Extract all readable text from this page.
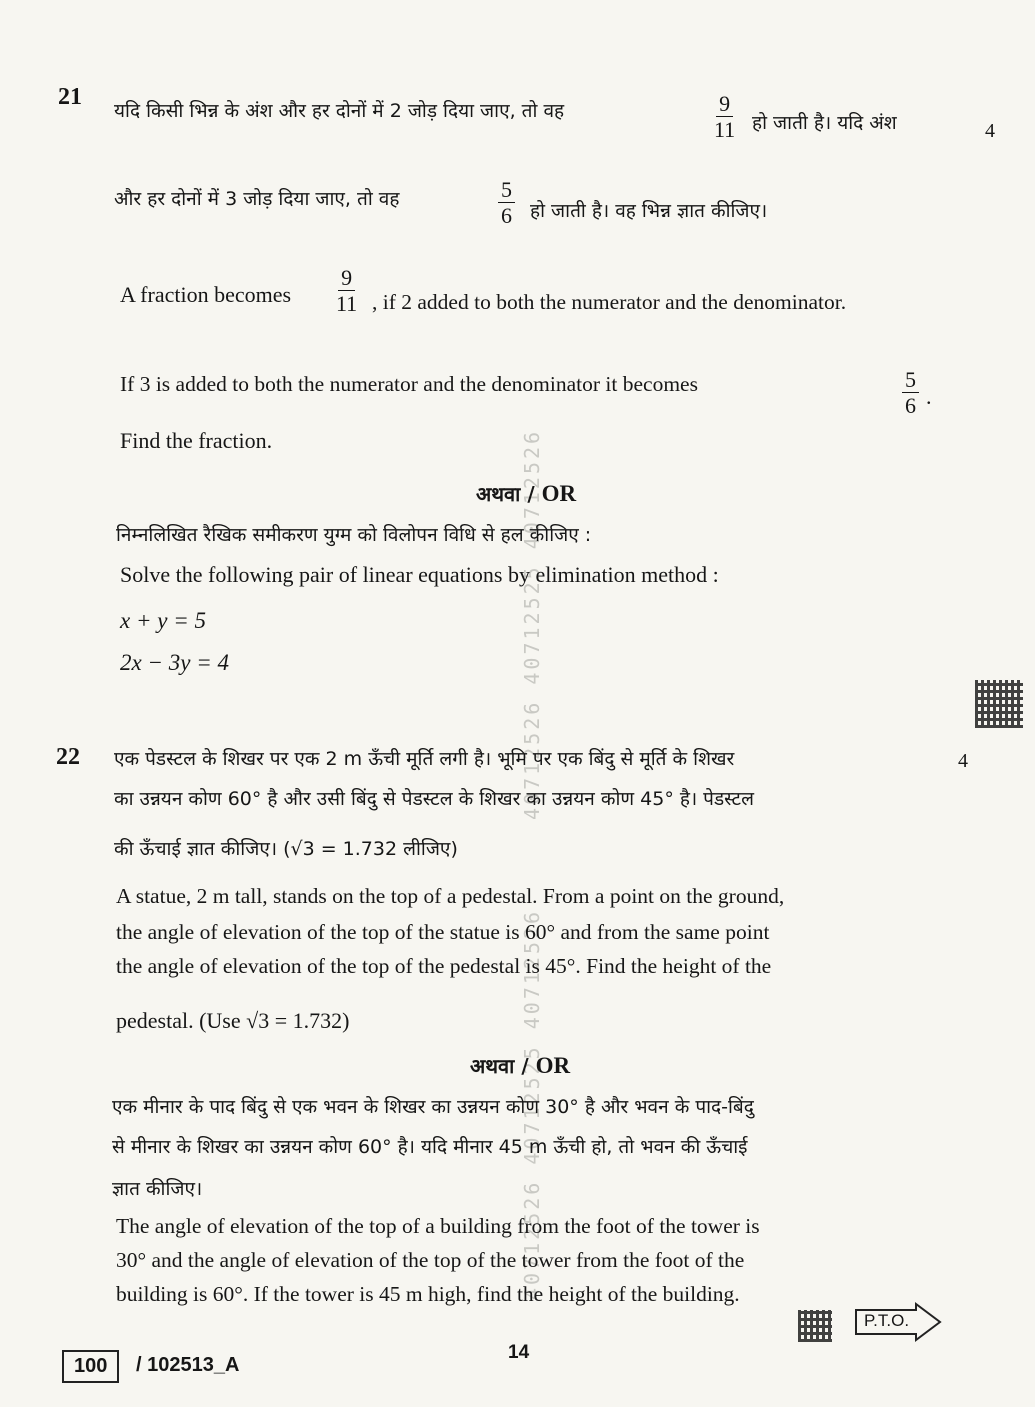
40712526 40712525 40712526
40712526 40712525 40712526
21
4
यदि किसी भिन्न के अंश और हर दोनों में 2 जोड़ दिया जाए, तो वह	$\frac{9}{11}$ हो जाती है। यदि अंश
और हर दोनों में 3 जोड़ दिया जाए, तो वह	$\frac{5}{6}$ हो जाती है। वह भिन्न ज्ञात कीजिए।
A fraction becomes $\frac{9}{11}$ , if 2 added to both the numerator and the denominator.
If 3 is added to both the numerator and the denominator it becomes	$\frac{5}{6}$ .
Find the fraction.
अथवा / OR
निम्नलिखित रैखिक समीकरण युग्म को विलोपन विधि से हल कीजिए :
Solve the following pair of linear equations by elimination method :
x + y = 5
2x − 3y = 4
22	4
एक पेडस्टल के शिखर पर एक 2 m ऊँची मूर्ति लगी है। भूमि पर एक बिंदु से मूर्ति के शिखर
का उन्नयन कोण 60° है और उसी बिंदु से पेडस्टल के शिखर का उन्नयन कोण 45° है। पेडस्टल
की ऊँचाई ज्ञात कीजिए। (√3 = 1.732 लीजिए)
A statue, 2 m tall, stands on the top of a pedestal. From a point on the ground,
the angle of elevation of the top of the statue is 60° and from the same point
the angle of elevation of the top of the pedestal is 45°. Find the height of the
pedestal. (Use √3 = 1.732)
अथवा / OR
एक मीनार के पाद बिंदु से एक भवन के शिखर का उन्नयन कोण 30° है और भवन के पाद-बिंदु
से मीनार के शिखर का उन्नयन कोण 60° है। यदि मीनार 45 m ऊँची हो, तो भवन की ऊँचाई
ज्ञात कीजिए।
The angle of elevation of the top of a building from the foot of the tower is
30° and the angle of elevation of the top of the tower from the foot of the
building is 60°. If the tower is 45 m high, find the height of the building.
P.T.O.
100	/ 102513_A
14
